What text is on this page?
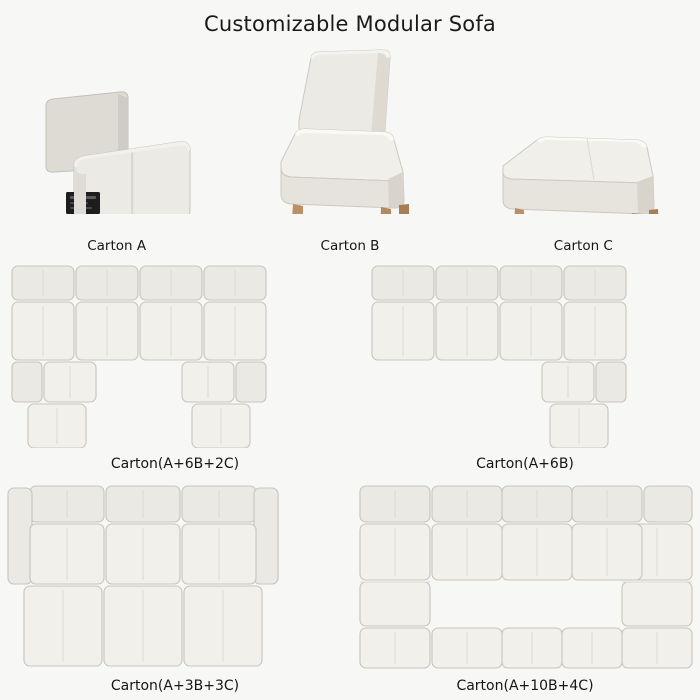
Customizable Modular Sofa
Carton A	Carton B	Carton C
Carton(A+6B+2C)	Carton(A+6B)
Carton(A+3B+3C)	Carton(A+10B+4C)
